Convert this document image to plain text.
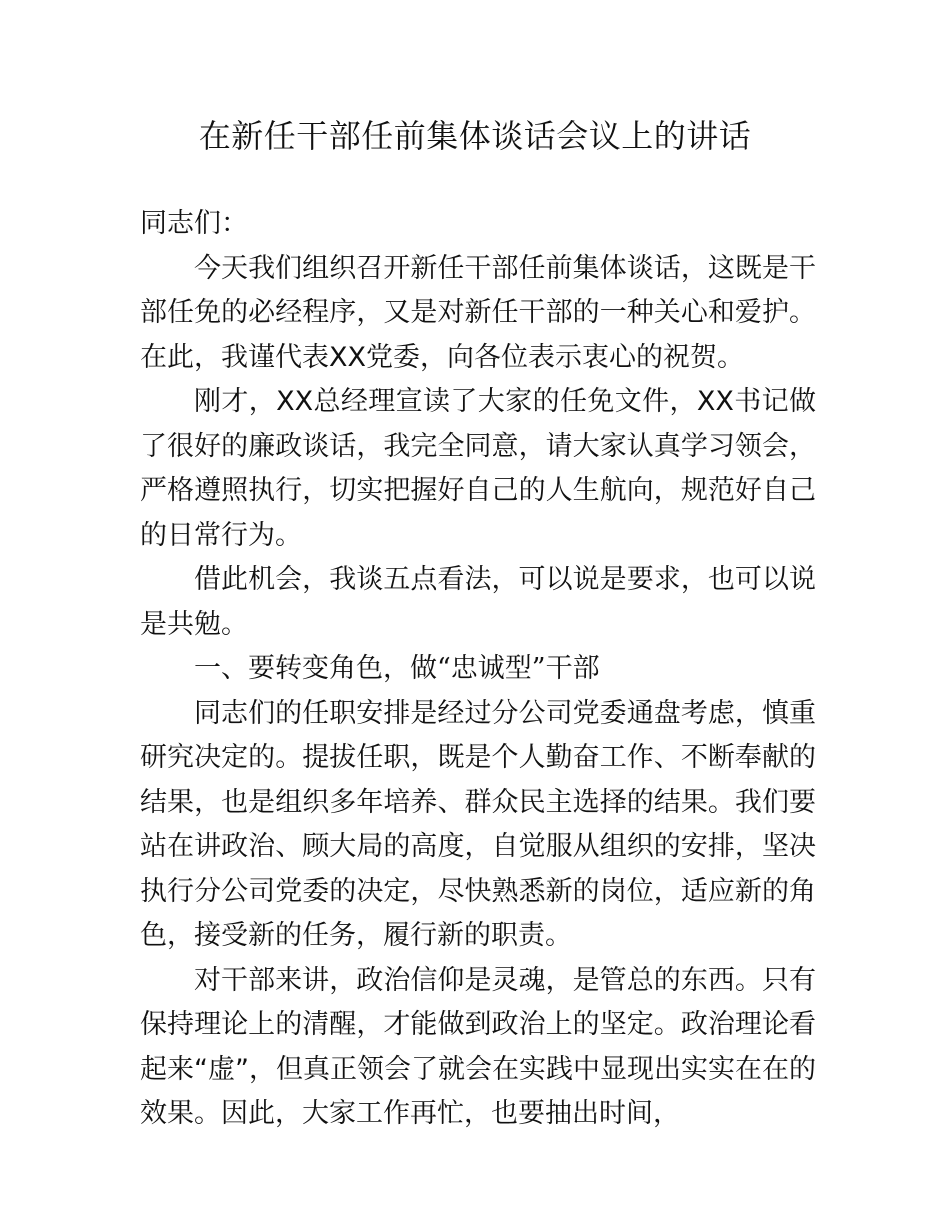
在新任干部任前集体谈话会议上的讲话

同志们：

今天我们组织召开新任干部任前集体谈话，这既是干部任免的必经程序，又是对新任干部的一种关心和爱护。在此，我谨代表XX党委，向各位表示衷心的祝贺。

刚才，XX总经理宣读了大家的任免文件，XX书记做了很好的廉政谈话，我完全同意，请大家认真学习领会，严格遵照执行，切实把握好自己的人生航向，规范好自己的日常行为。

借此机会，我谈五点看法，可以说是要求，也可以说是共勉。

一、要转变角色，做“忠诚型”干部

同志们的任职安排是经过分公司党委通盘考虑，慎重研究决定的。提拔任职，既是个人勤奋工作、不断奉献的结果，也是组织多年培养、群众民主选择的结果。我们要站在讲政治、顾大局的高度，自觉服从组织的安排，坚决执行分公司党委的决定，尽快熟悉新的岗位，适应新的角色，接受新的任务，履行新的职责。

对干部来讲，政治信仰是灵魂，是管总的东西。只有保持理论上的清醒，才能做到政治上的坚定。政治理论看起来“虚”，但真正领会了就会在实践中显现出实实在在的效果。因此，大家工作再忙，也要抽出时间，
